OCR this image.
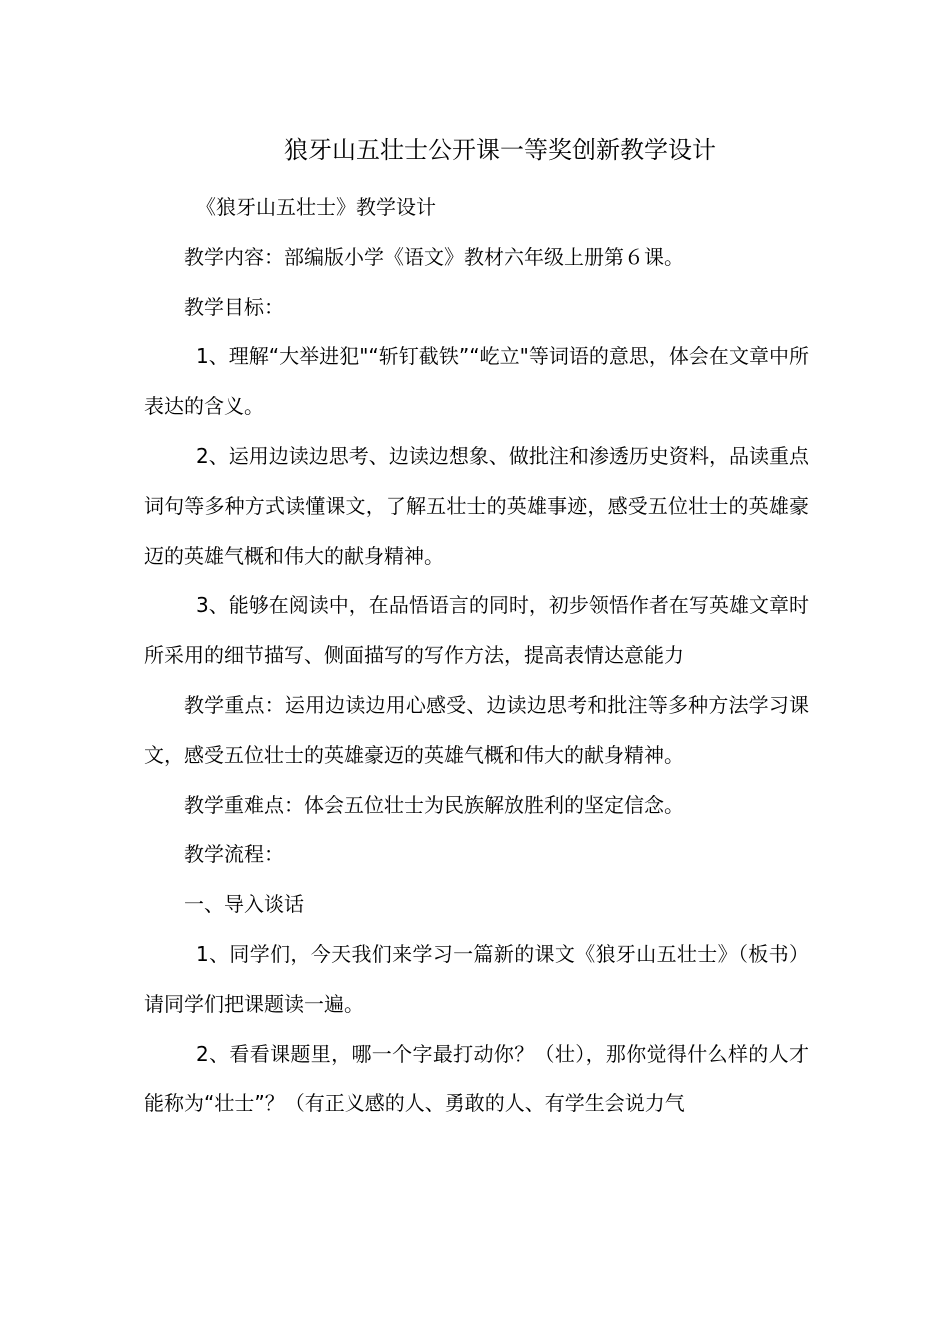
狼牙山五壮士公开课一等奖创新教学设计

《狼牙山五壮士》教学设计

教学内容：部编版小学《语文》教材六年级上册第６课。

教学目标：

1、理解“大举进犯"“斩钉截铁”“屹立"等词语的意思，体会在文章中所表达的含义。

2、运用边读边思考、边读边想象、做批注和渗透历史资料，品读重点词句等多种方式读懂课文，了解五壮士的英雄事迹，感受五位壮士的英雄豪迈的英雄气概和伟大的献身精神。

3、能够在阅读中，在品悟语言的同时，初步领悟作者在写英雄文章时所采用的细节描写、侧面描写的写作方法，提高表情达意能力

教学重点：运用边读边用心感受、边读边思考和批注等多种方法学习课文，感受五位壮士的英雄豪迈的英雄气概和伟大的献身精神。

教学重难点：体会五位壮士为民族解放胜利的坚定信念。

教学流程：

一、导入谈话

1、同学们，今天我们来学习一篇新的课文《狼牙山五壮士》（板书）请同学们把课题读一遍。

2、看看课题里，哪一个字最打动你？（壮），那你觉得什么样的人才能称为“壮士”？（有正义感的人、勇敢的人、有学生会说力气
